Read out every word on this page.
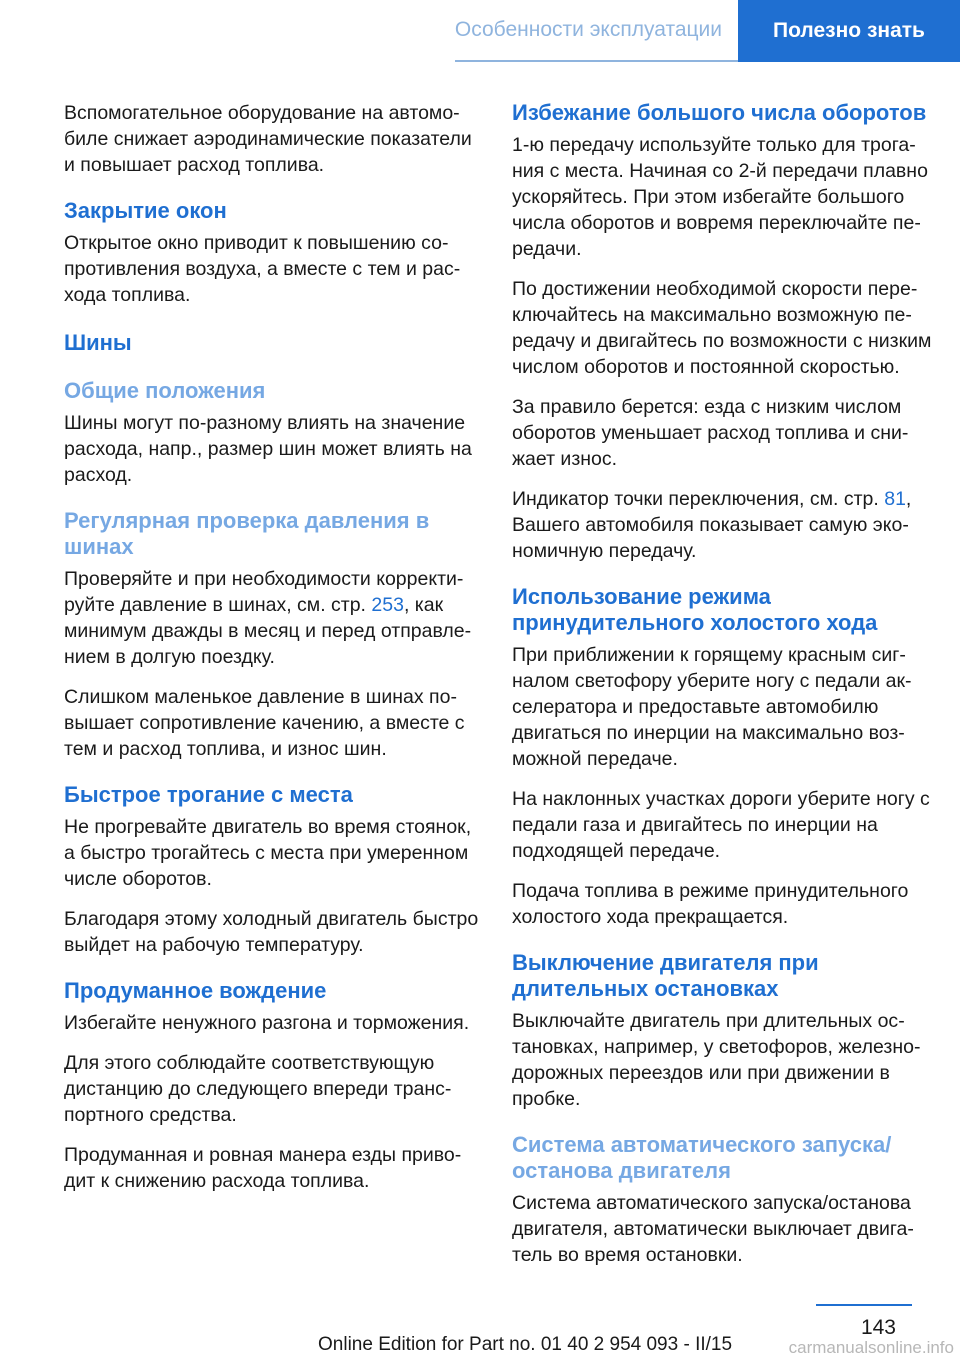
Особенности эксплуатации	Полезно знать

Вспомогательное оборудование на автомобиле снижает аэродинамические показатели и повышает расход топлива.

Закрытие окон

Открытое окно приводит к повышению сопротивления воздуха, а вместе с тем и расхода топлива.

Шины
Общие положения

Шины могут по-разному влиять на значение расхода, напр., размер шин может влиять на расход.

Регулярная проверка давления в шинах

Проверяйте и при необходимости корректируйте давление в шинах, см. стр. 253, как минимум дважды в месяц и перед отправлением в долгую поездку.

Слишком маленькое давление в шинах повышает сопротивление качению, а вместе с тем и расход топлива, и износ шин.

Быстрое трогание с места

Не прогревайте двигатель во время стоянок, а быстро трогайтесь с места при умеренном числе оборотов.

Благодаря этому холодный двигатель быстро выйдет на рабочую температуру.

Продуманное вождение

Избегайте ненужного разгона и торможения.

Для этого соблюдайте соответствующую дистанцию до следующего впереди транспортного средства.

Продуманная и ровная манера езды приводит к снижению расхода топлива.

Избежание большого числа оборотов

1-ю передачу используйте только для трогания с места. Начиная со 2-й передачи плавно ускоряйтесь. При этом избегайте большого числа оборотов и вовремя переключайте передачи.

По достижении необходимой скорости переключайтесь на максимально возможную передачу и двигайтесь по возможности с низким числом оборотов и постоянной скоростью.

За правило берется: езда с низким числом оборотов уменьшает расход топлива и снижает износ.

Индикатор точки переключения, см. стр. 81, Вашего автомобиля показывает самую экономичную передачу.

Использование режима принудительного холостого хода

При приближении к горящему красным сигналом светофору уберите ногу с педали акселератора и предоставьте автомобилю двигаться по инерции на максимально возможной передаче.

На наклонных участках дороги уберите ногу с педали газа и двигайтесь по инерции на подходящей передаче.

Подача топлива в режиме принудительного холостого хода прекращается.

Выключение двигателя при длительных остановках

Выключайте двигатель при длительных остановках, например, у светофоров, железнодорожных переездов или при движении в пробке.

Система автоматического запуска/ останова двигателя

Система автоматического запуска/останова двигателя, автоматически выключает двигатель во время остановки.

143
Online Edition for Part no. 01 40 2 954 093 - II/15	carmanualsonline.info
